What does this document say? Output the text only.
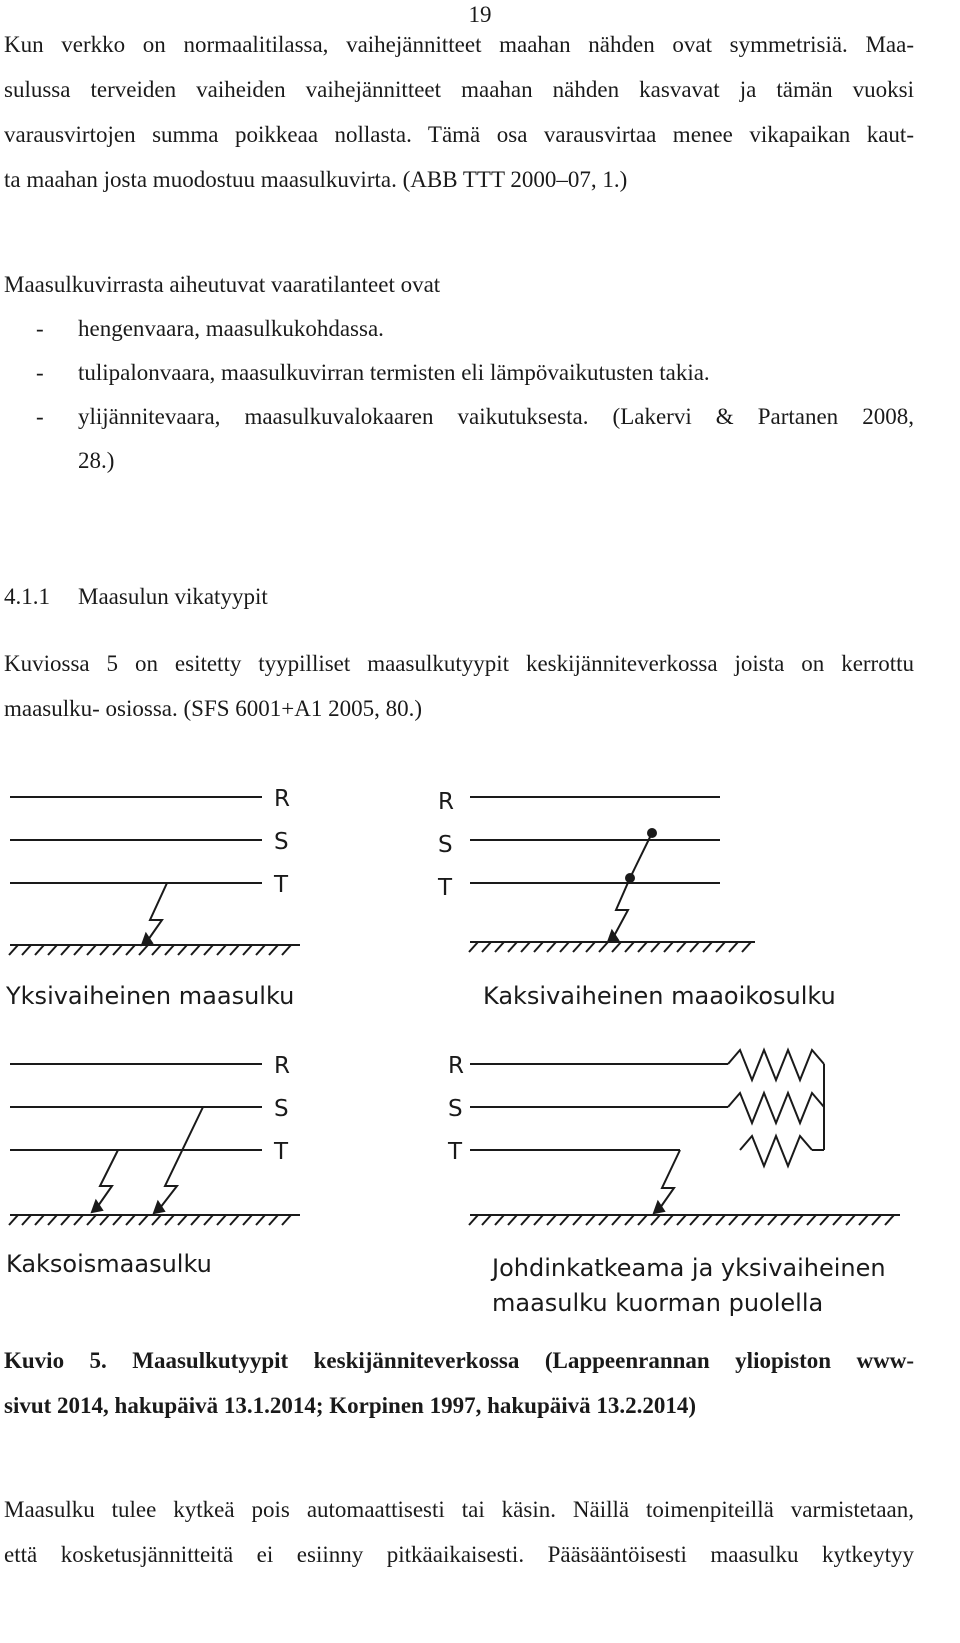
19
Kun verkko on normaalitilassa, vaihejännitteet maahan nähden ovat symmetrisiä. Maa-
sulussa terveiden vaiheiden vaihejännitteet maahan nähden kasvavat ja tämän vuoksi
varausvirtojen summa poikkeaa nollasta. Tämä osa varausvirtaa menee vikapaikan kaut-
ta maahan josta muodostuu maasulkuvirta. (ABB TTT 2000–07, 1.)
Maasulkuvirrasta aiheutuvat vaaratilanteet ovat
- hengenvaara, maasulkukohdassa.
- tulipalonvaara, maasulkuvirran termisten eli lämpövaikutusten takia.
- ylijännitevaara, maasulkuvalokaaren vaikutuksesta. (Lakervi & Partanen 2008,
28.)
4.1.1 Maasulun vikatyypit
Kuviossa 5 on esitetty tyypilliset maasulkutyypit keskijänniteverkossa joista on kerrottu
maasulku- osiossa. (SFS 6001+A1 2005, 80.)
R
S
T
R
S
T
R
S
T
R
S
T
Yksivaiheinen maasulku	Kaksivaiheinen maaoikosulku
Kaksoismaasulku	Johdinkatkeama ja yksivaiheinen
maasulku kuorman puolella
Kuvio 5. Maasulkutyypit keskijänniteverkossa (Lappeenrannan yliopiston www-
sivut 2014, hakupäivä 13.1.2014; Korpinen 1997, hakupäivä 13.2.2014)
Maasulku tulee kytkeä pois automaattisesti tai käsin. Näillä toimenpiteillä varmistetaan,
että kosketusjännitteitä ei esiinny pitkäaikaisesti. Pääsääntöisesti maasulku kytkeytyy
